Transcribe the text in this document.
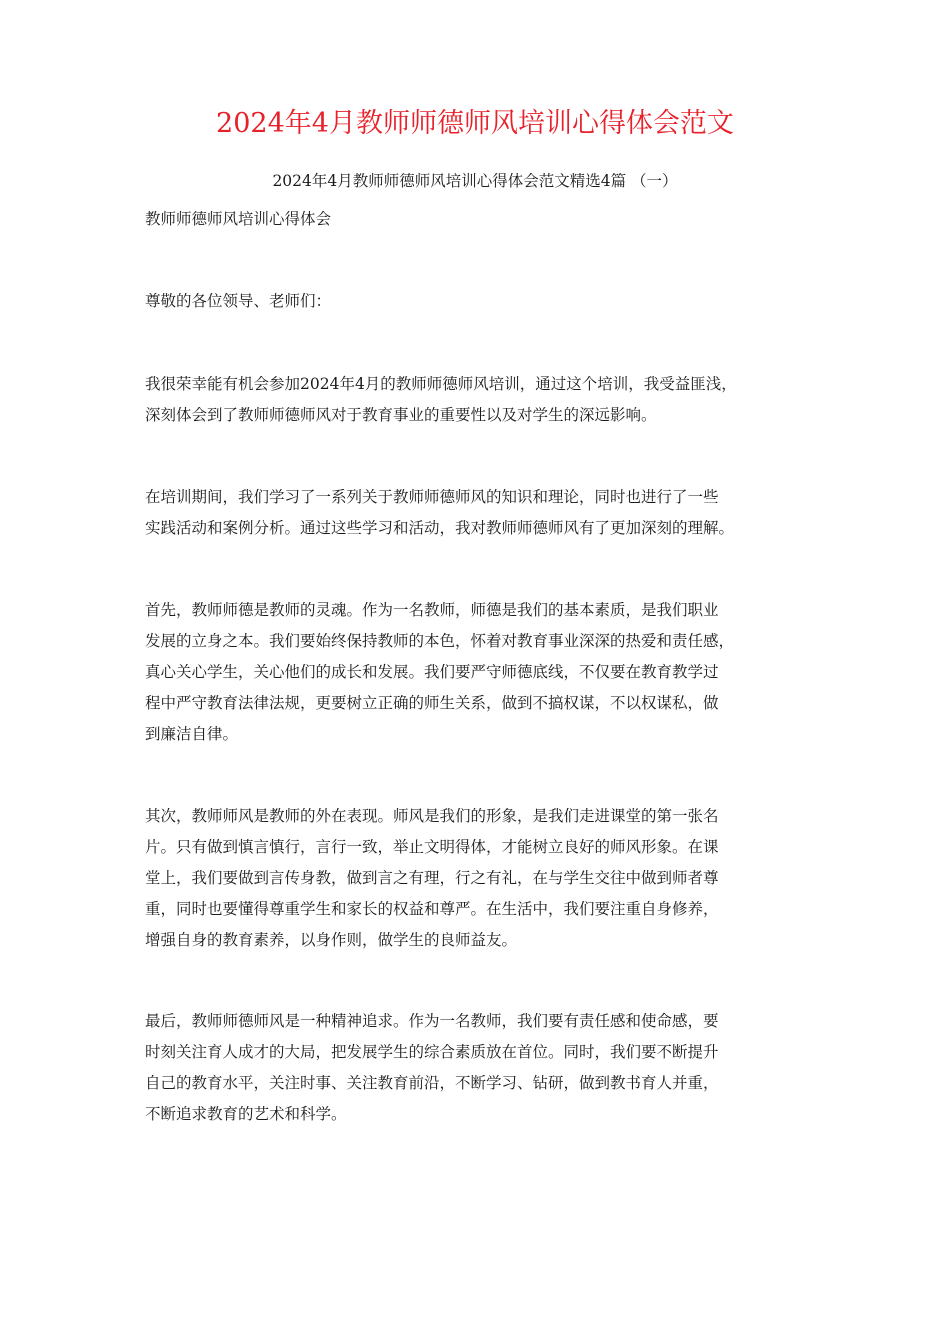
2024年4月教师师德师风培训心得体会范文

2024年4月教师师德师风培训心得体会范文精选4篇 （一）

教师师德师风培训心得体会

尊敬的各位领导、老师们：

我很荣幸能有机会参加2024年4月的教师师德师风培训，通过这个培训，我受益匪浅，
深刻体会到了教师师德师风对于教育事业的重要性以及对学生的深远影响。
在培训期间，我们学习了一系列关于教师师德师风的知识和理论，同时也进行了一些
实践活动和案例分析。通过这些学习和活动，我对教师师德师风有了更加深刻的理解。
首先，教师师德是教师的灵魂。作为一名教师，师德是我们的基本素质，是我们职业
发展的立身之本。我们要始终保持教师的本色，怀着对教育事业深深的热爱和责任感，
真心关心学生，关心他们的成长和发展。我们要严守师德底线，不仅要在教育教学过
程中严守教育法律法规，更要树立正确的师生关系，做到不搞权谋，不以权谋私，做
到廉洁自律。
其次，教师师风是教师的外在表现。师风是我们的形象，是我们走进课堂的第一张名
片。只有做到慎言慎行，言行一致，举止文明得体，才能树立良好的师风形象。在课
堂上，我们要做到言传身教，做到言之有理，行之有礼，在与学生交往中做到师者尊
重，同时也要懂得尊重学生和家长的权益和尊严。在生活中，我们要注重自身修养，
增强自身的教育素养，以身作则，做学生的良师益友。
最后，教师师德师风是一种精神追求。作为一名教师，我们要有责任感和使命感，要
时刻关注育人成才的大局，把发展学生的综合素质放在首位。同时，我们要不断提升
自己的教育水平，关注时事、关注教育前沿，不断学习、钻研，做到教书育人并重，
不断追求教育的艺术和科学。
